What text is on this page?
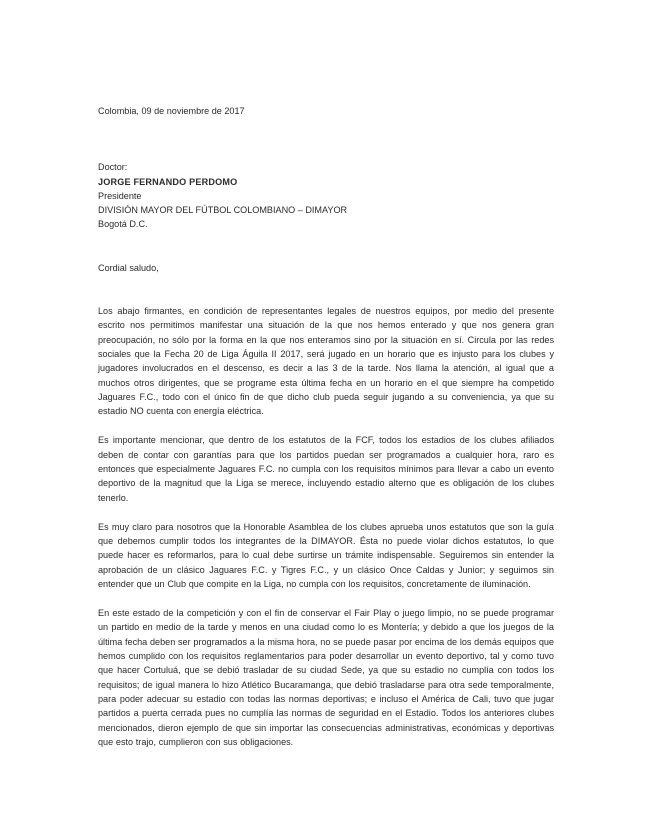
Colombia, 09 de noviembre de 2017
Doctor:
JORGE FERNANDO PERDOMO
Presidente
DIVISIÓN MAYOR DEL FÚTBOL COLOMBIANO – DIMAYOR
Bogotá D.C.
Cordial saludo,

Los abajo firmantes, en condición de representantes legales de nuestros equipos, por medio del presente escrito nos permitimos manifestar una situación de la que nos hemos enterado y que nos genera gran preocupación, no sólo por la forma en la que nos enteramos sino por la situación en sí. Circula por las redes sociales que la Fecha 20 de Liga Águila II 2017, será jugado en un horario que es injusto para los clubes y jugadores involucrados en el descenso, es decir a las 3 de la tarde. Nos llama la atención, al igual que a muchos otros dirigentes, que se programe esta última fecha en un horario en el que siempre ha competido Jaguares F.C., todo con el único fin de que dicho club pueda seguir jugando a su conveniencia, ya que su estadio NO cuenta con energía eléctrica.

Es importante mencionar, que dentro de los estatutos de la FCF, todos los estadios de los clubes afiliados deben de contar con garantías para que los partidos puedan ser programados a cualquier hora, raro es entonces que especialmente Jaguares F.C. no cumpla con los requisitos mínimos para llevar a cabo un evento deportivo de la magnitud que la Liga se merece, incluyendo estadio alterno que es obligación de los clubes tenerlo.

Es muy claro para nosotros que la Honorable Asamblea de los clubes aprueba unos estatutos que son la guía que debemos cumplir todos los integrantes de la DIMAYOR. Ésta no puede violar dichos estatutos, lo que puede hacer es reformarlos, para lo cual debe surtirse un trámite indispensable. Seguiremos sin entender la aprobación de un clásico Jaguares F.C. y Tigres F.C., y un clásico Once Caldas y Junior; y seguimos sin entender que un Club que compite en la Liga, no cumpla con los requisitos, concretamente de iluminación.

En este estado de la competición y con el fin de conservar el Fair Play o juego limpio, no se puede programar un partido en medio de la tarde y menos en una ciudad como lo es Montería; y debido a que los juegos de la última fecha deben ser programados a la misma hora, no se puede pasar por encima de los demás equipos que hemos cumplido con los requisitos reglamentarios para poder desarrollar un evento deportivo, tal y como tuvo que hacer Cortuluá, que se debió trasladar de su ciudad Sede, ya que su estadio no cumplía con todos los requisitos; de igual manera lo hizo Atlético Bucaramanga, que debió trasladarse para otra sede temporalmente, para poder adecuar su estadio con todas las normas deportivas; e incluso el América de Cali, tuvo que jugar partidos a puerta cerrada pues no cumplía las normas de seguridad en el Estadio. Todos los anteriores clubes mencionados, dieron ejemplo de que sin importar las consecuencias administrativas, económicas y deportivas que esto trajo, cumplieron con sus obligaciones.
